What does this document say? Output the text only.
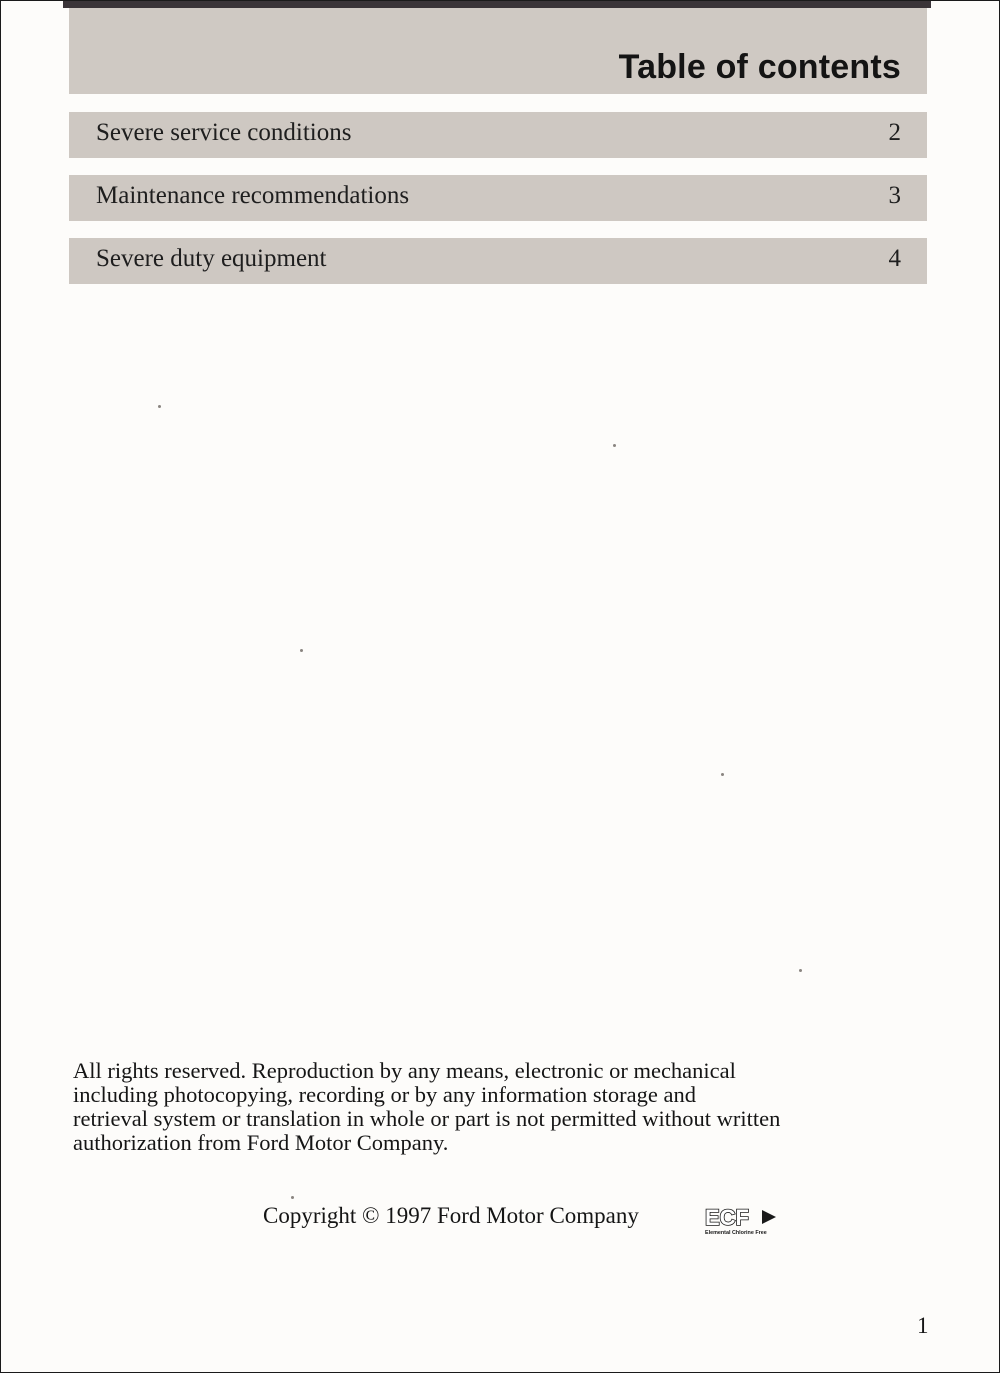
Table of contents
Severe service conditions	2
Maintenance recommendations	3
Severe duty equipment	4
All rights reserved. Reproduction by any means, electronic or mechanical
including photocopying, recording or by any information storage and
retrieval system or translation in whole or part is not permitted without written
authorization from Ford Motor Company.
Copyright © 1997 Ford Motor Company	ECF
Elemental Chlorine Free
1
